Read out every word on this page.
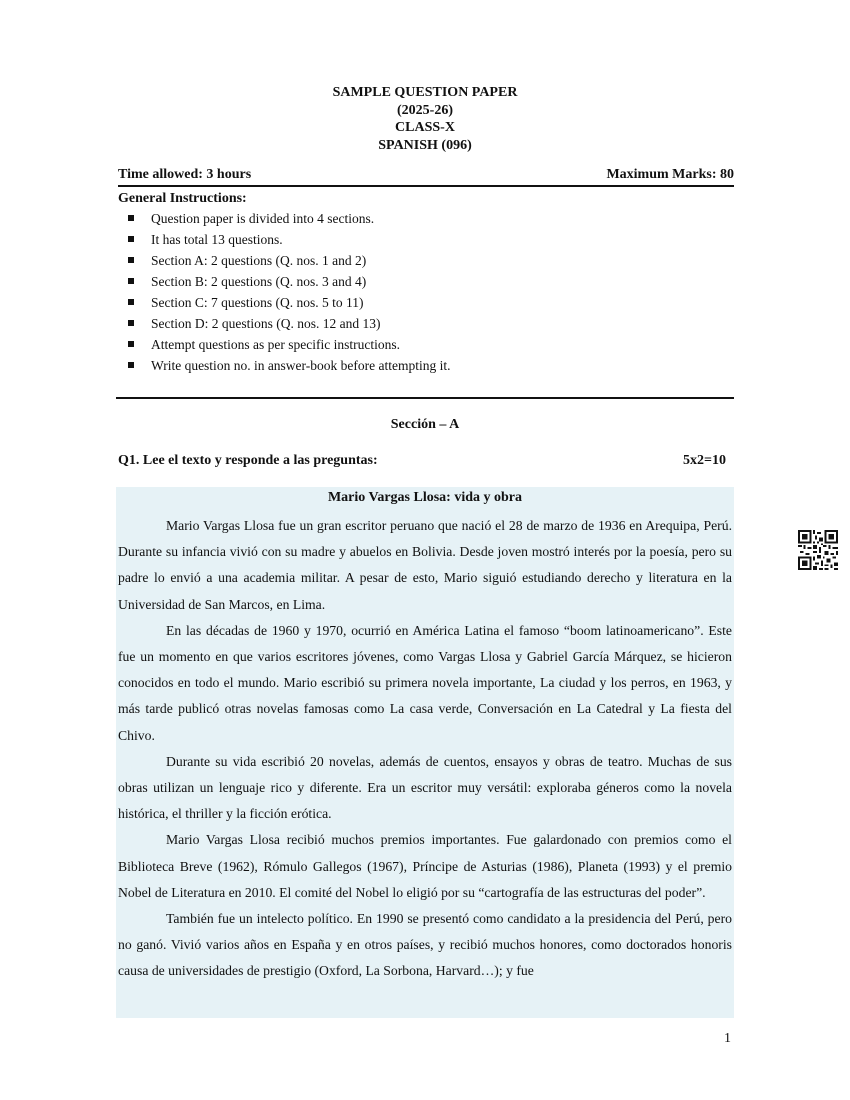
SAMPLE QUESTION PAPER
(2025-26)
CLASS-X
SPANISH (096)
Time allowed: 3 hours	Maximum Marks: 80
General Instructions:
Question paper is divided into 4 sections.
It has total 13 questions.
Section A: 2 questions (Q. nos. 1 and 2)
Section B: 2 questions (Q. nos. 3 and 4)
Section C: 7 questions (Q. nos. 5 to 11)
Section D: 2 questions (Q. nos. 12 and 13)
Attempt questions as per specific instructions.
Write question no. in answer-book before attempting it.
Sección – A
Q1. Lee el texto y responde a las preguntas:	5x2=10
Mario Vargas Llosa: vida y obra

Mario Vargas Llosa fue un gran escritor peruano que nació el 28 de marzo de 1936 en Arequipa, Perú. Durante su infancia vivió con su madre y abuelos en Bolivia. Desde joven mostró interés por la poesía, pero su padre lo envió a una academia militar. A pesar de esto, Mario siguió estudiando derecho y literatura en la Universidad de San Marcos, en Lima.

En las décadas de 1960 y 1970, ocurrió en América Latina el famoso “boom latinoamericano”. Este fue un momento en que varios escritores jóvenes, como Vargas Llosa y Gabriel García Márquez, se hicieron conocidos en todo el mundo. Mario escribió su primera novela importante, La ciudad y los perros, en 1963, y más tarde publicó otras novelas famosas como La casa verde, Conversación en La Catedral y La fiesta del Chivo.

Durante su vida escribió 20 novelas, además de cuentos, ensayos y obras de teatro. Muchas de sus obras utilizan un lenguaje rico y diferente. Era un escritor muy versátil: exploraba géneros como la novela histórica, el thriller y la ficción erótica.

Mario Vargas Llosa recibió muchos premios importantes. Fue galardonado con premios como el Biblioteca Breve (1962), Rómulo Gallegos (1967), Príncipe de Asturias (1986), Planeta (1993) y el premio Nobel de Literatura en 2010. El comité del Nobel lo eligió por su “cartografía de las estructuras del poder”.

También fue un intelecto político. En 1990 se presentó como candidato a la presidencia del Perú, pero no ganó. Vivió varios años en España y en otros países, y recibió muchos honores, como doctorados honoris causa de universidades de prestigio (Oxford, La Sorbona, Harvard…); y fue

1
